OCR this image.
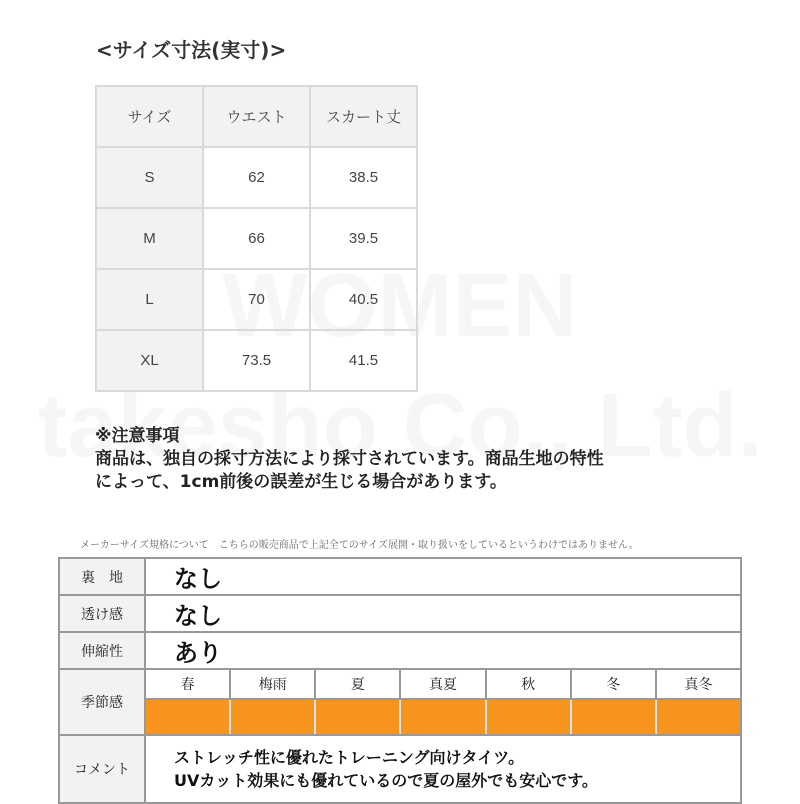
<サイズ寸法(実寸)>
サイズ	ウエスト	スカート丈
S	62	38.5
M	66	39.5
L	70	40.5
XL	73.5	41.5
※注意事項
商品は、独自の採寸方法により採寸されています。商品生地の特性
によって、1cm前後の誤差が生じる場合があります。
メーカーサイズ規格について　こちらの販売商品で上記全てのサイズ展開・取り扱いをしているというわけではありません。
裏　地	なし
透け感	なし
伸縮性	あり
季節感	
春	梅雨	夏	真夏	秋	冬	真冬

コメント	
ストレッチ性に優れたトレーニング向けタイツ。
UVカット効果にも優れているので夏の屋外でも安心です。
